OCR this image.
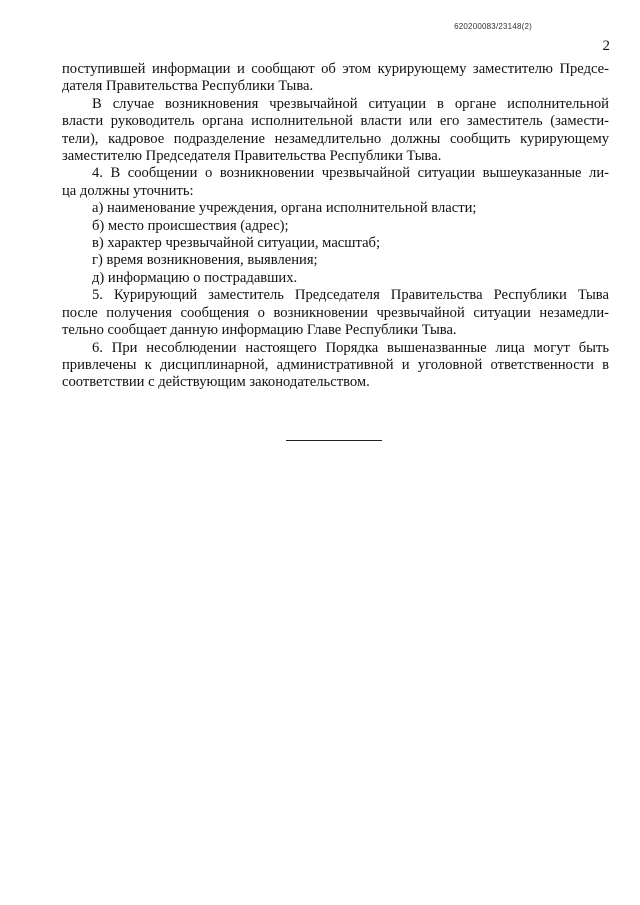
620200083/23148(2)
2

поступившей информации и сообщают об этом курирующему заместителю Предсе-
дателя Правительства Республики Тыва.

В случае возникновения чрезвычайной ситуации в органе исполнительной
власти руководитель органа исполнительной власти или его заместитель (замести-
тели), кадровое подразделение незамедлительно должны сообщить курирующему
заместителю Председателя Правительства Республики Тыва.

4. В сообщении о возникновении чрезвычайной ситуации вышеуказанные ли-
ца должны уточнить:

а) наименование учреждения, органа исполнительной власти;

б) место происшествия (адрес);

в) характер чрезвычайной ситуации, масштаб;

г) время возникновения, выявления;

д) информацию о пострадавших.

5. Курирующий заместитель Председателя Правительства Республики Тыва
после получения сообщения о возникновении чрезвычайной ситуации незамедли-
тельно сообщает данную информацию Главе Республики Тыва.

6. При несоблюдении настоящего Порядка вышеназванные лица могут быть
привлечены к дисциплинарной, административной и уголовной ответственности в
соответствии с действующим законодательством.
